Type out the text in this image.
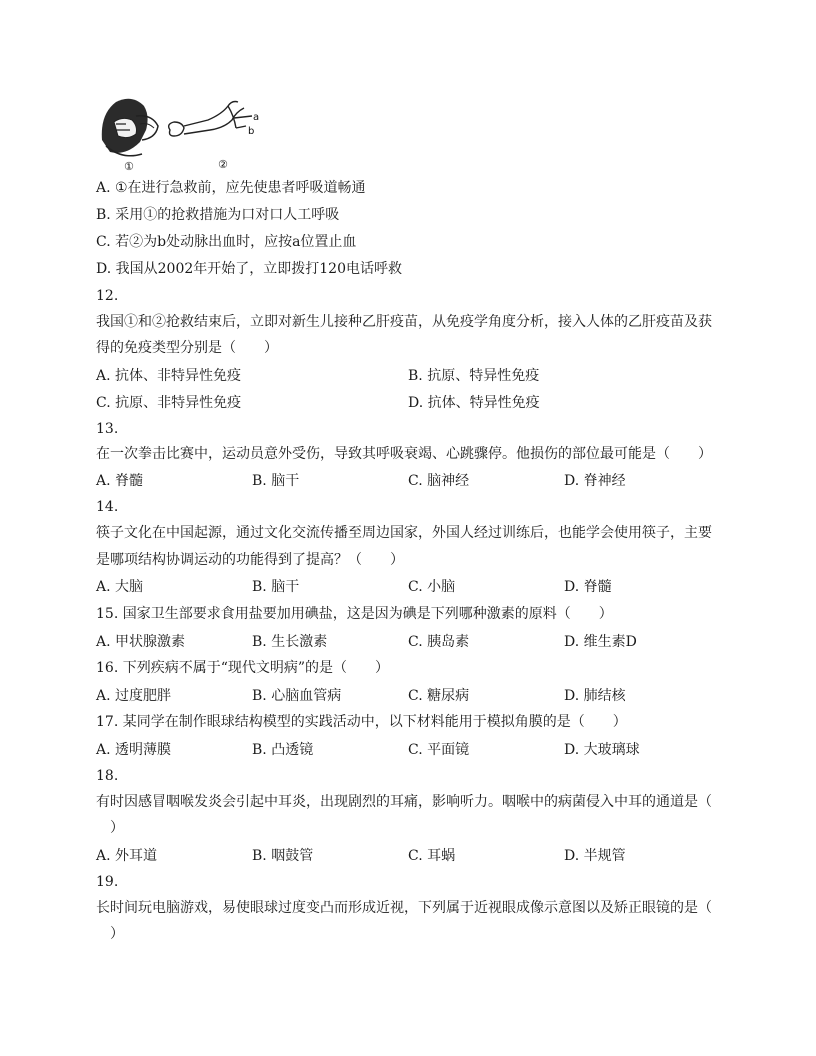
①
a
b
②
A. ①在进行急救前，应先使患者呼吸道畅通
B. 采用①的抢救措施为口对口人工呼吸
C. 若②为b处动脉出血时，应按a位置止血
D. 我国从2002年开始了，立即拨打120电话呼救
12.
我国①和②抢救结束后，立即对新生儿接种乙肝疫苗，从免疫学角度分析，接入人体的乙肝疫苗及获
得的免疫类型分别是（　　）
A. 抗体、非特异性免疫	B. 抗原、特异性免疫
C. 抗原、非特异性免疫	D. 抗体、特异性免疫
13.
在一次拳击比赛中，运动员意外受伤，导致其呼吸衰竭、心跳骤停。他损伤的部位最可能是（　　）
A. 脊髓	B. 脑干	C. 脑神经	D. 脊神经
14.
筷子文化在中国起源，通过文化交流传播至周边国家，外国人经过训练后，也能学会使用筷子，主要
是哪项结构协调运动的功能得到了提高？（　　）
A. 大脑	B. 脑干	C. 小脑	D. 脊髓
15. 国家卫生部要求食用盐要加用碘盐，这是因为碘是下列哪种激素的原料（　　）
A. 甲状腺激素	B. 生长激素	C. 胰岛素	D. 维生素D
16. 下列疾病不属于“现代文明病”的是（　　）
A. 过度肥胖	B. 心脑血管病	C. 糖尿病	D. 肺结核
17. 某同学在制作眼球结构模型的实践活动中，以下材料能用于模拟角膜的是（　　）
A. 透明薄膜	B. 凸透镜	C. 平面镜	D. 大玻璃球
18.
有时因感冒咽喉发炎会引起中耳炎，出现剧烈的耳痛，影响听力。咽喉中的病菌侵入中耳的通道是（
　）
A. 外耳道	B. 咽鼓管	C. 耳蜗	D. 半规管
19.
长时间玩电脑游戏，易使眼球过度变凸而形成近视，下列属于近视眼成像示意图以及矫正眼镜的是（
　）
